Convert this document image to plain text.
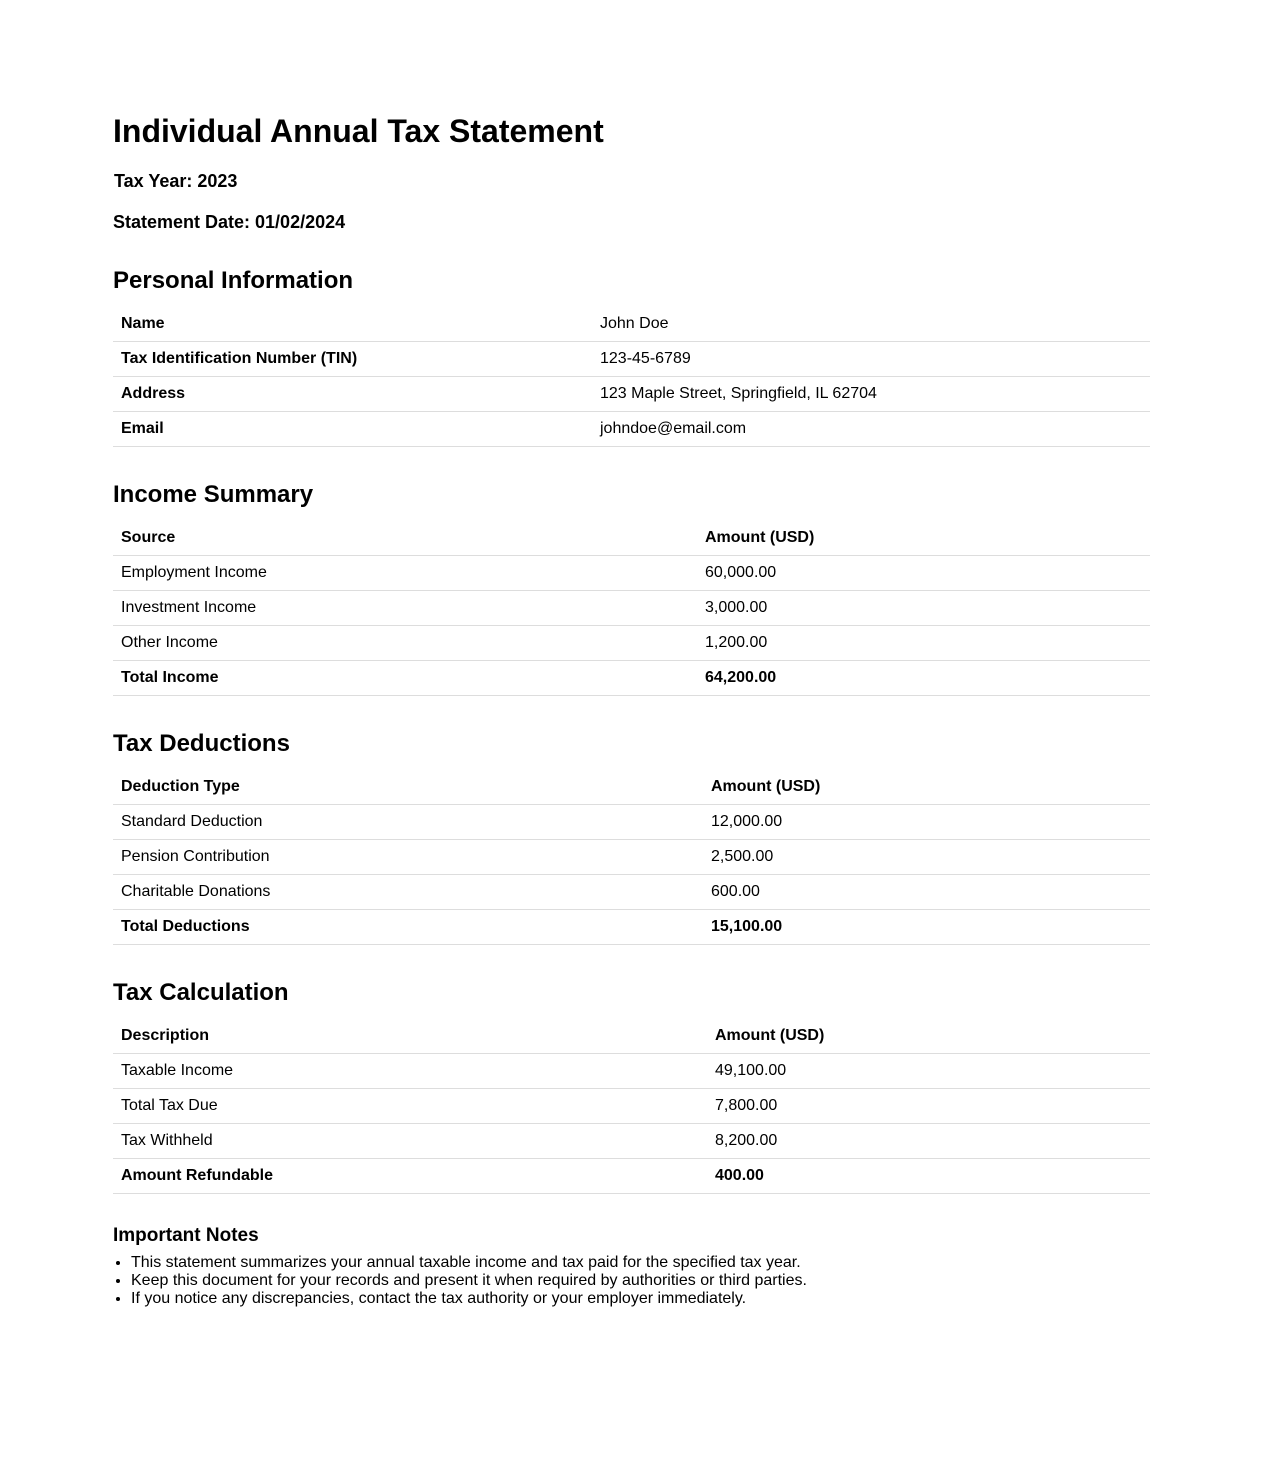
Individual Annual Tax Statement

Tax Year: 2023

Statement Date: 01/02/2024

Personal Information
Name	John Doe
Tax Identification Number (TIN)	123-45-6789
Address	123 Maple Street, Springfield, IL 62704
Email	johndoe@email.com
Income Summary
Source	Amount (USD)
Employment Income	60,000.00
Investment Income	3,000.00
Other Income	1,200.00
Total Income	64,200.00
Tax Deductions
Deduction Type	Amount (USD)
Standard Deduction	12,000.00
Pension Contribution	2,500.00
Charitable Donations	600.00
Total Deductions	15,100.00
Tax Calculation
Description	Amount (USD)
Taxable Income	49,100.00
Total Tax Due	7,800.00
Tax Withheld	8,200.00
Amount Refundable	400.00
Important Notes
• This statement summarizes your annual taxable income and tax paid for the specified tax year.
• Keep this document for your records and present it when required by authorities or third parties.
• If you notice any discrepancies, contact the tax authority or your employer immediately.
